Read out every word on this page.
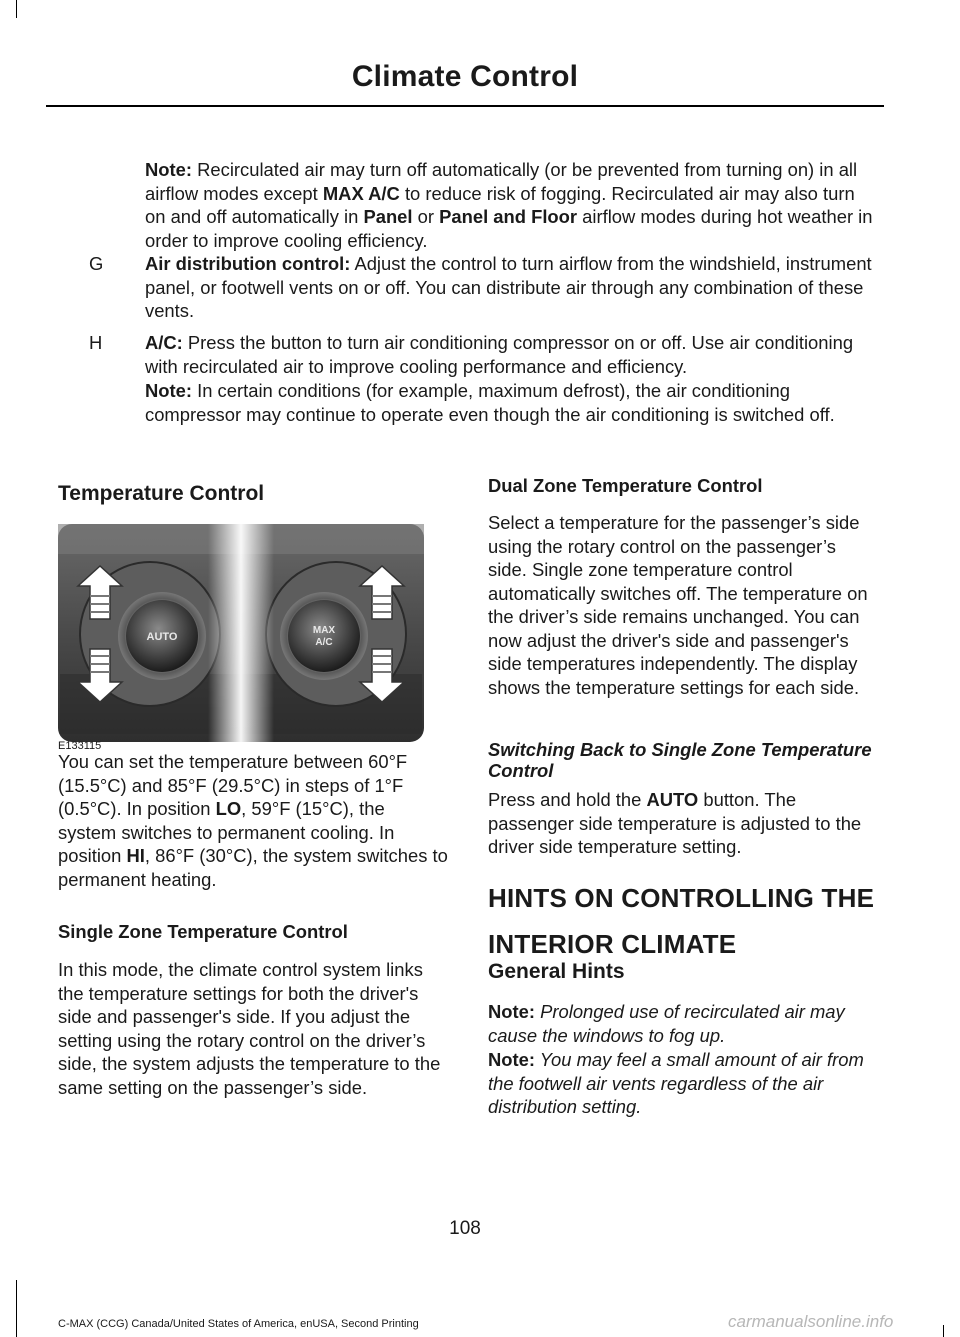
Climate Control

Note: Recirculated air may turn off automatically (or be prevented from turning on) in all airflow modes except MAX A/C to reduce risk of fogging. Recirculated air may also turn on and off automatically in Panel or Panel and Floor airflow modes during hot weather in order to improve cooling efficiency.

G Air distribution control: Adjust the control to turn airflow from the windshield, instrument panel, or footwell vents on or off. You can distribute air through any combination of these vents.

H A/C: Press the button to turn air conditioning compressor on or off. Use air conditioning with recirculated air to improve cooling performance and efficiency.

Note: In certain conditions (for example, maximum defrost), the air conditioning compressor may continue to operate even though the air conditioning is switched off.

Temperature Control

AUTO
MAX
A/C
E133115

You can set the temperature between 60°F (15.5°C) and 85°F (29.5°C) in steps of 1°F (0.5°C). In position LO, 59°F (15°C), the system switches to permanent cooling. In position HI, 86°F (30°C), the system switches to permanent heating.

Single Zone Temperature Control

In this mode, the climate control system links the temperature settings for both the driver's side and passenger's side. If you adjust the setting using the rotary control on the driver’s side, the system adjusts the temperature to the same setting on the passenger’s side.

Dual Zone Temperature Control

Select a temperature for the passenger’s side using the rotary control on the passenger’s side. Single zone temperature control automatically switches off. The temperature on the driver’s side remains unchanged. You can now adjust the driver's side and passenger's side temperatures independently. The display shows the temperature settings for each side.

Switching Back to Single Zone Temperature Control

Press and hold the AUTO button. The passenger side temperature is adjusted to the driver side temperature setting.

HINTS ON CONTROLLING THE

INTERIOR CLIMATE

General Hints

Note: Prolonged use of recirculated air may cause the windows to fog up.

Note: You may feel a small amount of air from the footwell air vents regardless of the air distribution setting.

108
C-MAX (CCG) Canada/United States of America, enUSA, Second Printing	carmanualsonline.info
